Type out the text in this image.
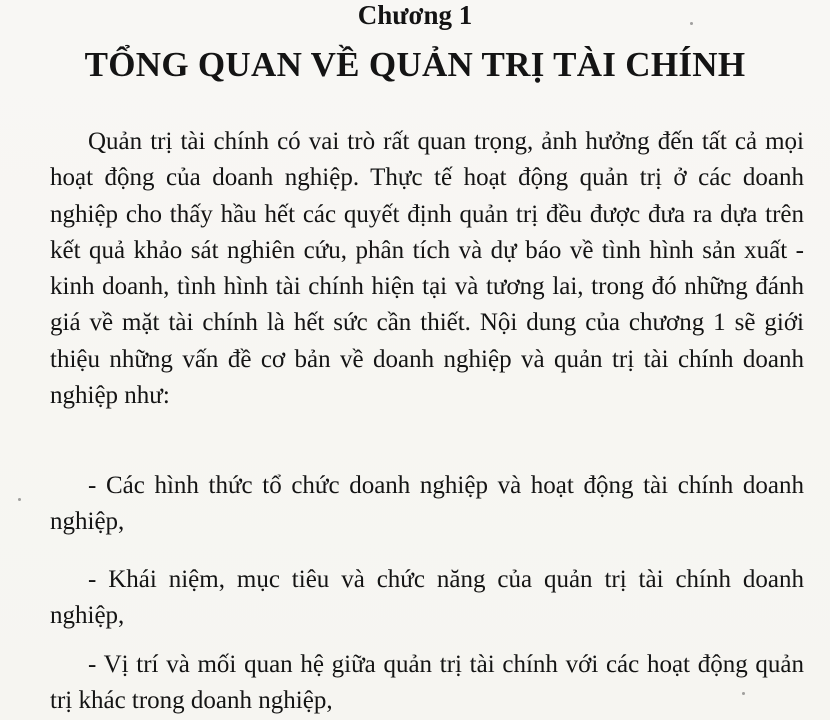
Chương 1
TỔNG QUAN VỀ QUẢN TRỊ TÀI CHÍNH

Quản trị tài chính có vai trò rất quan trọng, ảnh hưởng đến tất cả mọi hoạt động của doanh nghiệp. Thực tế hoạt động quản trị ở các doanh nghiệp cho thấy hầu hết các quyết định quản trị đều được đưa ra dựa trên kết quả khảo sát nghiên cứu, phân tích và dự báo về tình hình sản xuất - kinh doanh, tình hình tài chính hiện tại và tương lai, trong đó những đánh giá về mặt tài chính là hết sức cần thiết. Nội dung của chương 1 sẽ giới thiệu những vấn đề cơ bản về doanh nghiệp và quản trị tài chính doanh nghiệp như:

- Các hình thức tổ chức doanh nghiệp và hoạt động tài chính doanh nghiệp,

- Khái niệm, mục tiêu và chức năng của quản trị tài chính doanh nghiệp,

- Vị trí và mối quan hệ giữa quản trị tài chính với các hoạt động quản trị khác trong doanh nghiệp,
